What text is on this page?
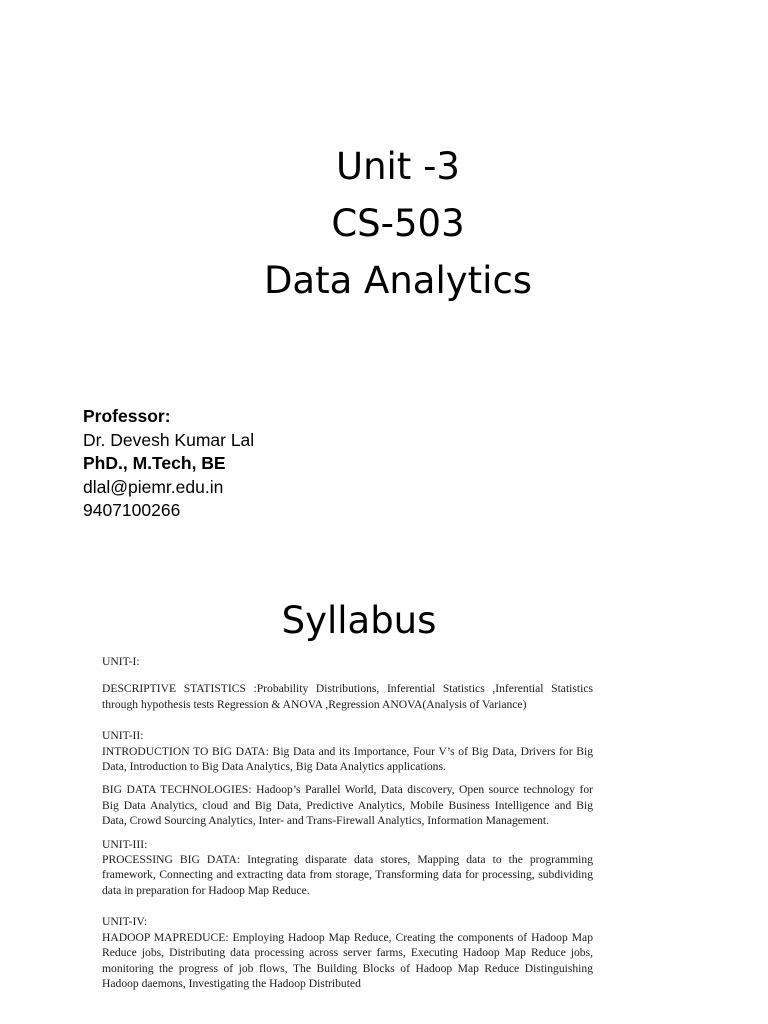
Unit -3
CS-503
Data Analytics
Professor:
Dr. Devesh Kumar Lal
PhD., M.Tech, BE
dlal@piemr.edu.in
9407100266
Syllabus
UNIT-I:

DESCRIPTIVE STATISTICS :Probability Distributions, Inferential Statistics ,Inferential Statistics through hypothesis tests Regression & ANOVA ,Regression ANOVA(Analysis of Variance)

UNIT-II:

INTRODUCTION TO BIG DATA: Big Data and its Importance, Four V’s of Big Data, Drivers for Big Data, Introduction to Big Data Analytics, Big Data Analytics applications.

BIG DATA TECHNOLOGIES: Hadoop’s Parallel World, Data discovery, Open source technology for Big Data Analytics, cloud and Big Data, Predictive Analytics, Mobile Business Intelligence and Big Data, Crowd Sourcing Analytics, Inter- and Trans-Firewall Analytics, Information Management.

UNIT-III:

PROCESSING BIG DATA: Integrating disparate data stores, Mapping data to the programming framework, Connecting and extracting data from storage, Transforming data for processing, subdividing data in preparation for Hadoop Map Reduce.

UNIT-IV:

HADOOP MAPREDUCE: Employing Hadoop Map Reduce, Creating the components of Hadoop Map Reduce jobs, Distributing data processing across server farms, Executing Hadoop Map Reduce jobs, monitoring the progress of job flows, The Building Blocks of Hadoop Map Reduce Distinguishing Hadoop daemons, Investigating the Hadoop Distributed
